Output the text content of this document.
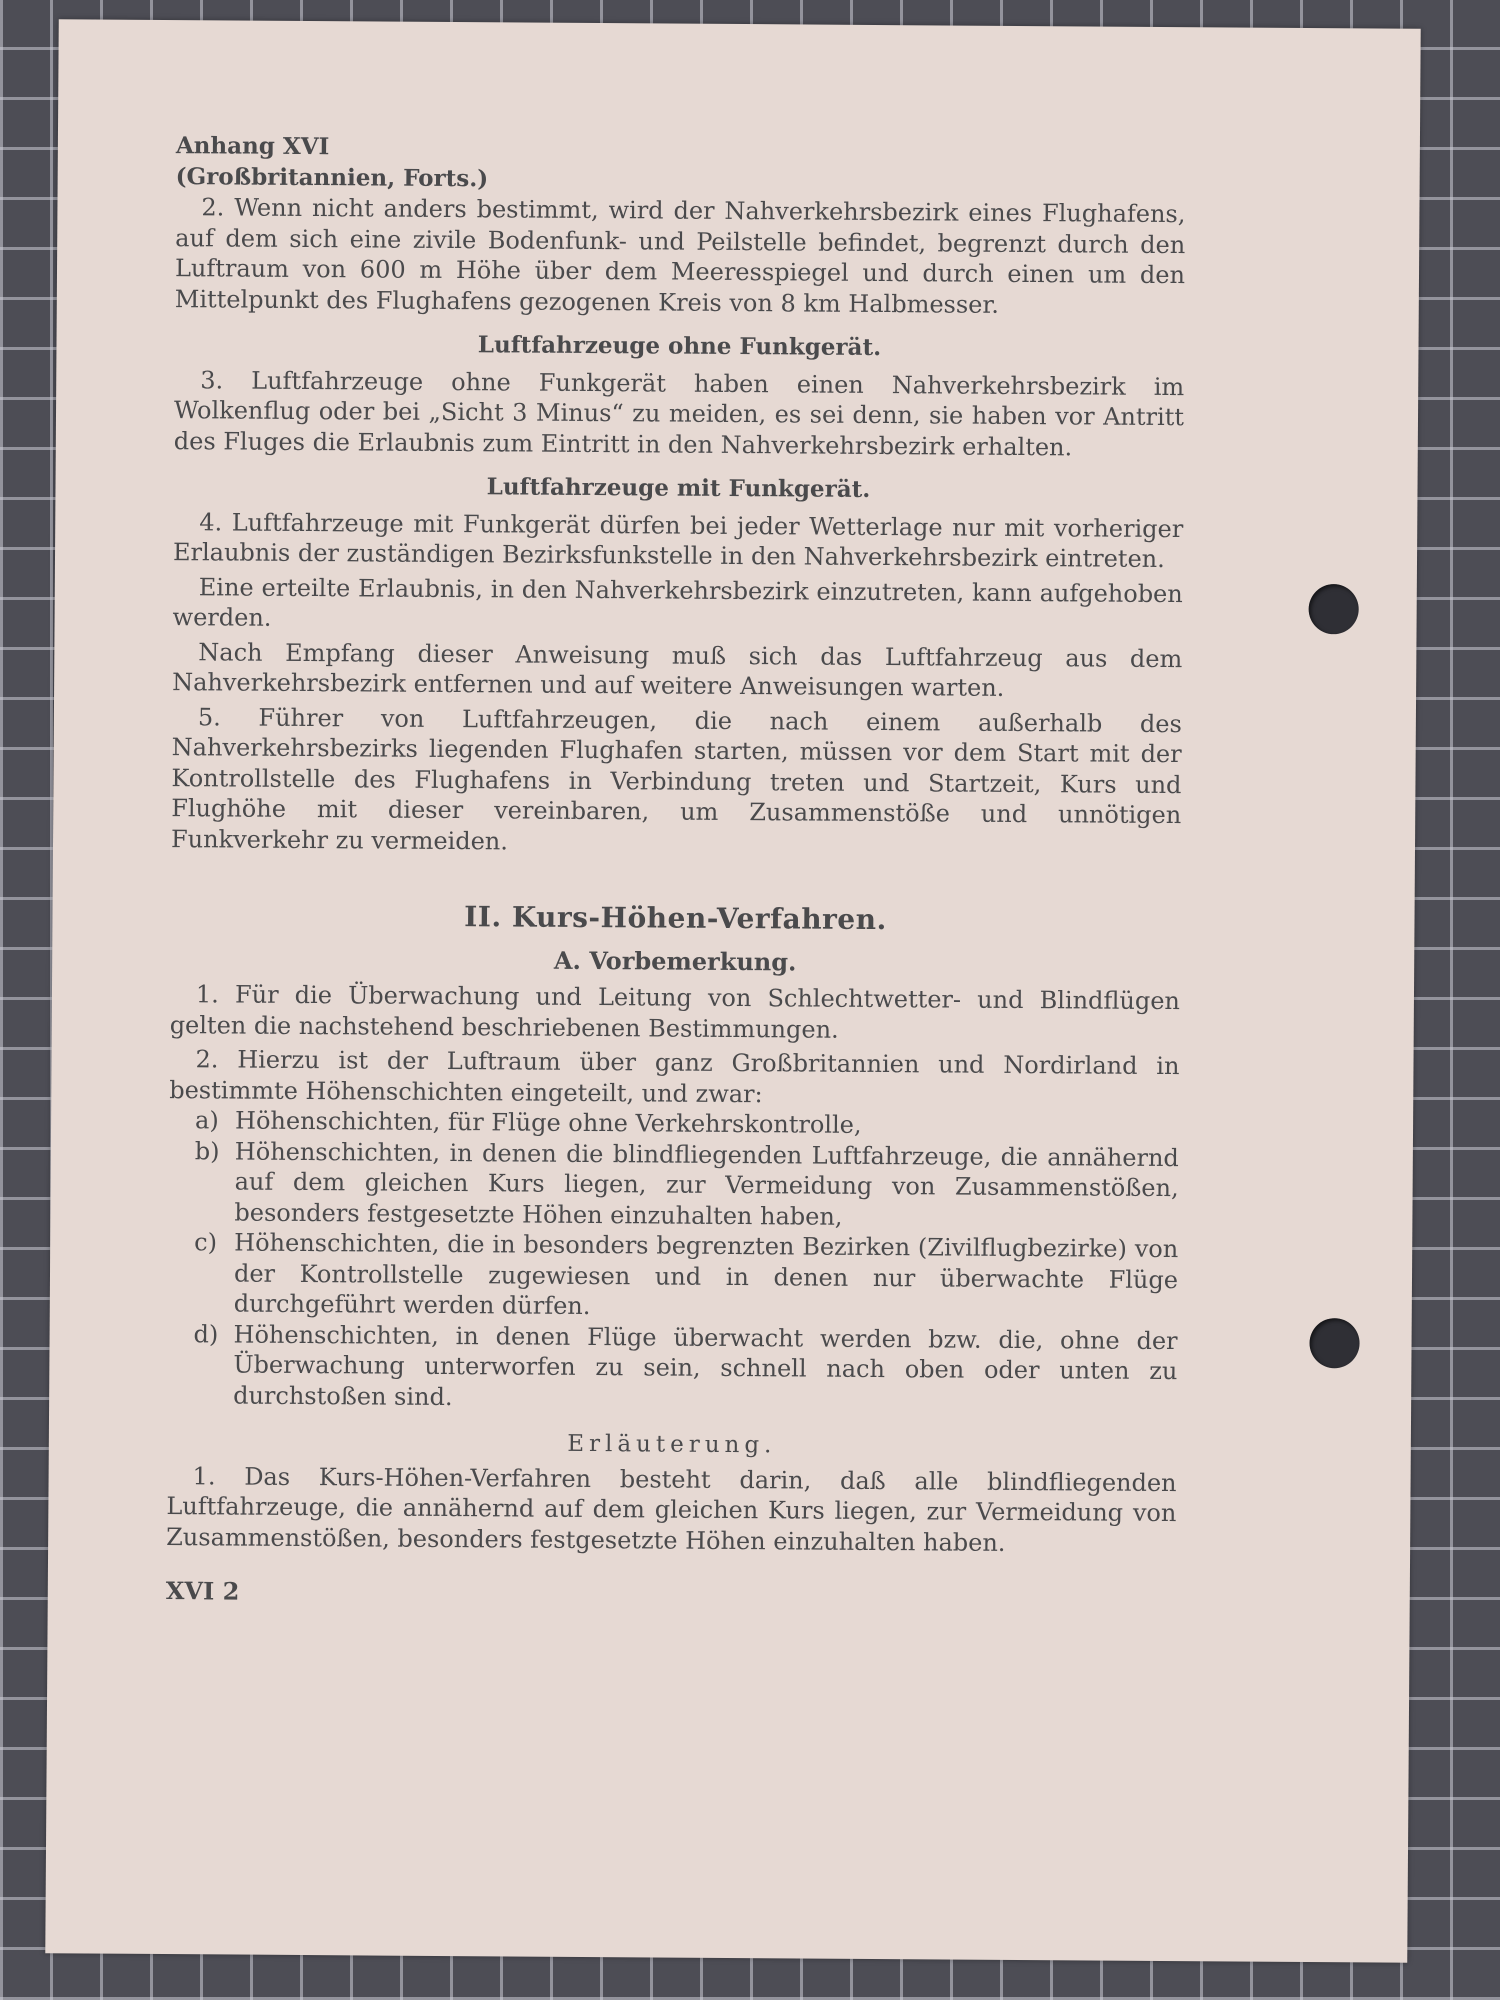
Anhang XVI

(Großbritannien, Forts.)

2. Wenn nicht anders bestimmt, wird der Nahverkehrsbezirk eines Flughafens, auf dem sich eine zivile Bodenfunk- und Peilstelle befindet, begrenzt durch den Luftraum von 600 m Höhe über dem Meeresspiegel und durch einen um den Mittelpunkt des Flughafens gezogenen Kreis von 8 km Halbmesser.

Luftfahrzeuge ohne Funkgerät.

3. Luftfahrzeuge ohne Funkgerät haben einen Nahverkehrsbezirk im Wolkenflug oder bei „Sicht 3 Minus“ zu meiden, es sei denn, sie haben vor Antritt des Fluges die Erlaubnis zum Eintritt in den Nahverkehrsbezirk erhalten.

Luftfahrzeuge mit Funkgerät.

4. Luftfahrzeuge mit Funkgerät dürfen bei jeder Wetterlage nur mit vorheriger Erlaubnis der zuständigen Bezirksfunkstelle in den Nahverkehrsbezirk eintreten.

Eine erteilte Erlaubnis, in den Nahverkehrsbezirk einzutreten, kann aufgehoben werden.

Nach Empfang dieser Anweisung muß sich das Luftfahrzeug aus dem Nahverkehrsbezirk entfernen und auf weitere Anweisungen warten.

5. Führer von Luftfahrzeugen, die nach einem außerhalb des Nahverkehrsbezirks liegenden Flughafen starten, müssen vor dem Start mit der Kontrollstelle des Flughafens in Verbindung treten und Startzeit, Kurs und Flughöhe mit dieser vereinbaren, um Zusammenstöße und unnötigen Funkverkehr zu vermeiden.

II. Kurs-Höhen-Verfahren.

A. Vorbemerkung.

1. Für die Überwachung und Leitung von Schlechtwetter- und Blindflügen gelten die nachstehend beschriebenen Bestimmungen.

2. Hierzu ist der Luftraum über ganz Großbritannien und Nordirland in bestimmte Höhenschichten eingeteilt, und zwar:

a) Höhenschichten, für Flüge ohne Verkehrskontrolle,
b) Höhenschichten, in denen die blindfliegenden Luftfahrzeuge, die annähernd auf dem gleichen Kurs liegen, zur Vermeidung von Zusammenstößen, besonders festgesetzte Höhen einzuhalten haben,
c) Höhenschichten, die in besonders begrenzten Bezirken (Zivilflugbezirke) von der Kontrollstelle zugewiesen und in denen nur überwachte Flüge durchgeführt werden dürfen.
d) Höhenschichten, in denen Flüge überwacht werden bzw. die, ohne der Überwachung unterworfen zu sein, schnell nach oben oder unten zu durchstoßen sind.

Erläuterung.

1. Das Kurs-Höhen-Verfahren besteht darin, daß alle blindfliegenden Luftfahrzeuge, die annähernd auf dem gleichen Kurs liegen, zur Vermeidung von Zusammenstößen, besonders festgesetzte Höhen einzuhalten haben.

XVI 2
